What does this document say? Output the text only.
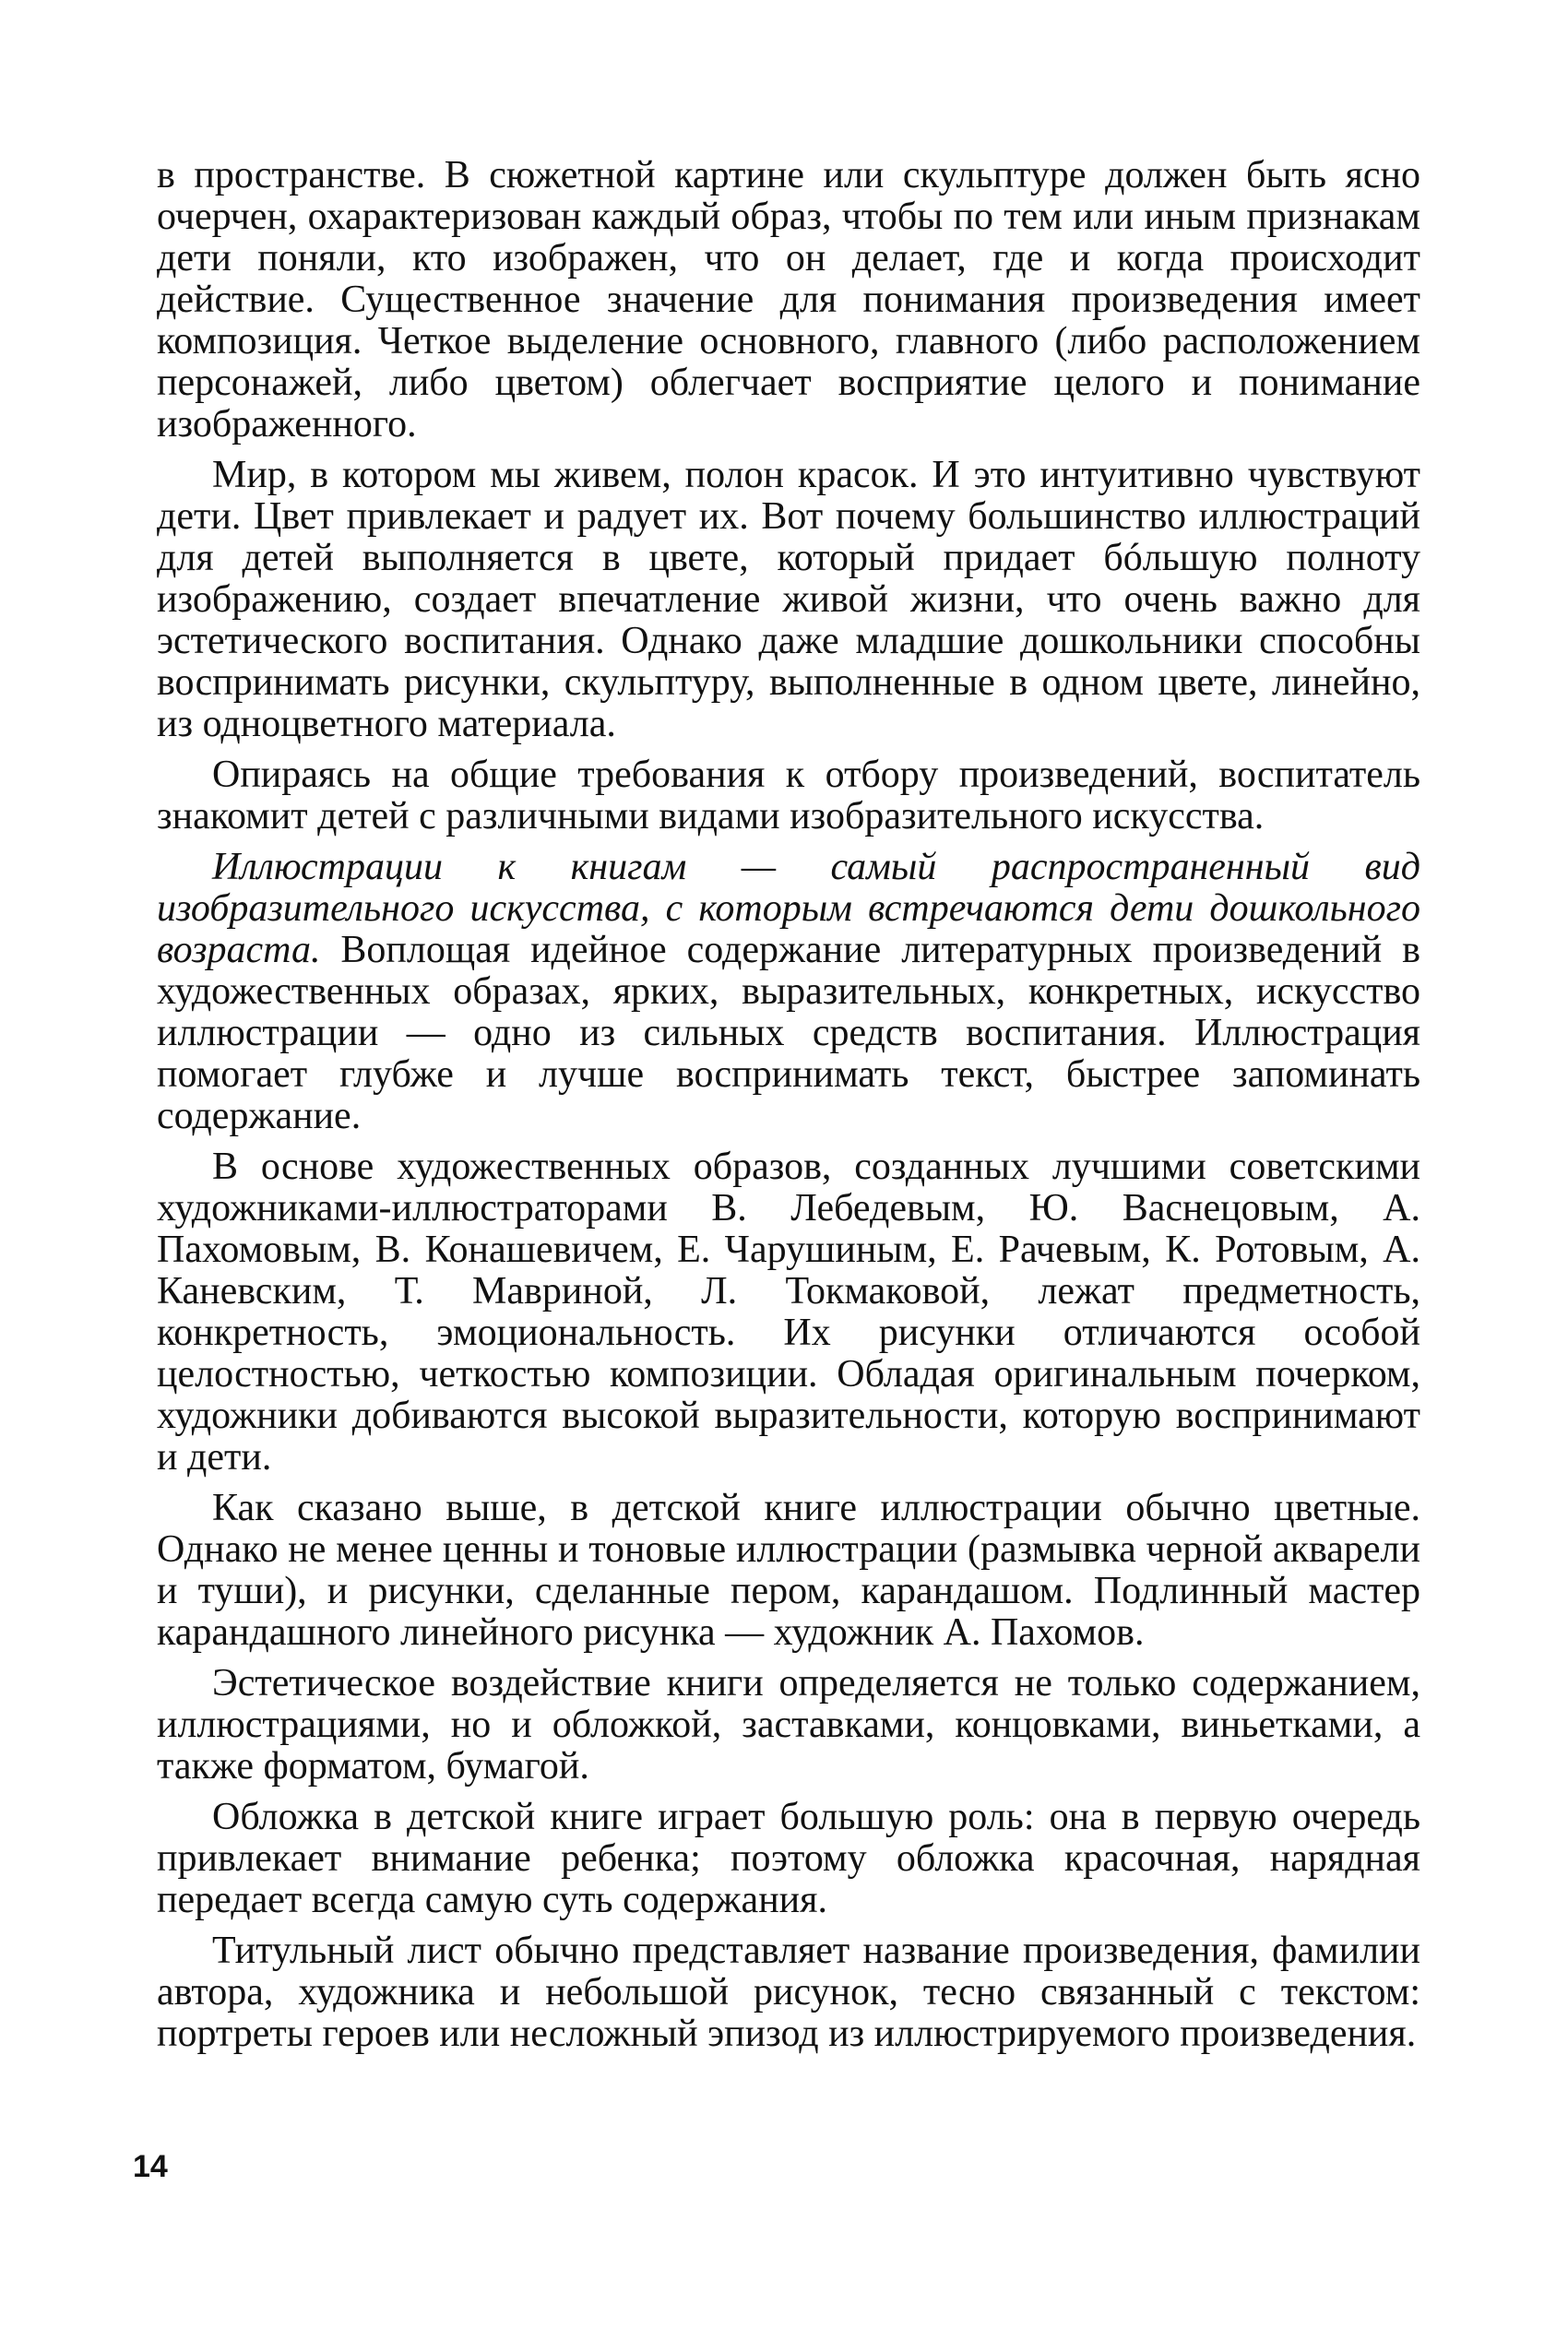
в пространстве. В сюжетной картине или скульптуре должен быть ясно очерчен, охарактеризован каждый образ, чтобы по тем или иным признакам дети поняли, кто изображен, что он делает, где и когда происходит действие. Существенное значение для понимания произведения имеет композиция. Четкое выделение основного, главного (либо расположением персонажей, либо цветом) облегчает восприятие целого и понимание изображенного.

Мир, в котором мы живем, полон красок. И это интуитивно чувствуют дети. Цвет привлекает и радует их. Вот почему большинство иллюстраций для детей выполняется в цвете, который придает бóльшую полноту изображению, создает впечатление живой жизни, что очень важно для эстетического воспитания. Однако даже младшие дошкольники способны воспринимать рисунки, скульптуру, выполненные в одном цвете, линейно, из одноцветного материала.

Опираясь на общие требования к отбору произведений, воспитатель знакомит детей с различными видами изобразительного искусства.

Иллюстрации к книгам — самый распространенный вид изобразительного искусства, с которым встречаются дети дошкольного возраста. Воплощая идейное содержание литературных произведений в художественных образах, ярких, выразительных, конкретных, искусство иллюстрации — одно из сильных средств воспитания. Иллюстрация помогает глубже и лучше воспринимать текст, быстрее запоминать содержание.

В основе художественных образов, созданных лучшими советскими художниками-иллюстраторами В. Лебедевым, Ю. Васнецовым, А. Пахомовым, В. Конашевичем, Е. Чарушиным, Е. Рачевым, К. Ротовым, А. Каневским, Т. Мавриной, Л. Токмаковой, лежат предметность, конкретность, эмоциональность. Их рисунки отличаются особой целостностью, четкостью композиции. Обладая оригинальным почерком, художники добиваются высокой выразительности, которую воспринимают и дети.

Как сказано выше, в детской книге иллюстрации обычно цветные. Однако не менее ценны и тоновые иллюстрации (размывка черной акварели и туши), и рисунки, сделанные пером, карандашом. Подлинный мастер карандашного линейного рисунка — художник А. Пахомов.

Эстетическое воздействие книги определяется не только содержанием, иллюстрациями, но и обложкой, заставками, концовками, виньетками, а также форматом, бумагой.

Обложка в детской книге играет большую роль: она в первую очередь привлекает внимание ребенка; поэтому обложка красочная, нарядная передает всегда самую суть содержания.

Титульный лист обычно представляет название произведения, фамилии автора, художника и небольшой рисунок, тесно связанный с текстом: портреты героев или несложный эпизод из иллюстрируемого произведения.

14
